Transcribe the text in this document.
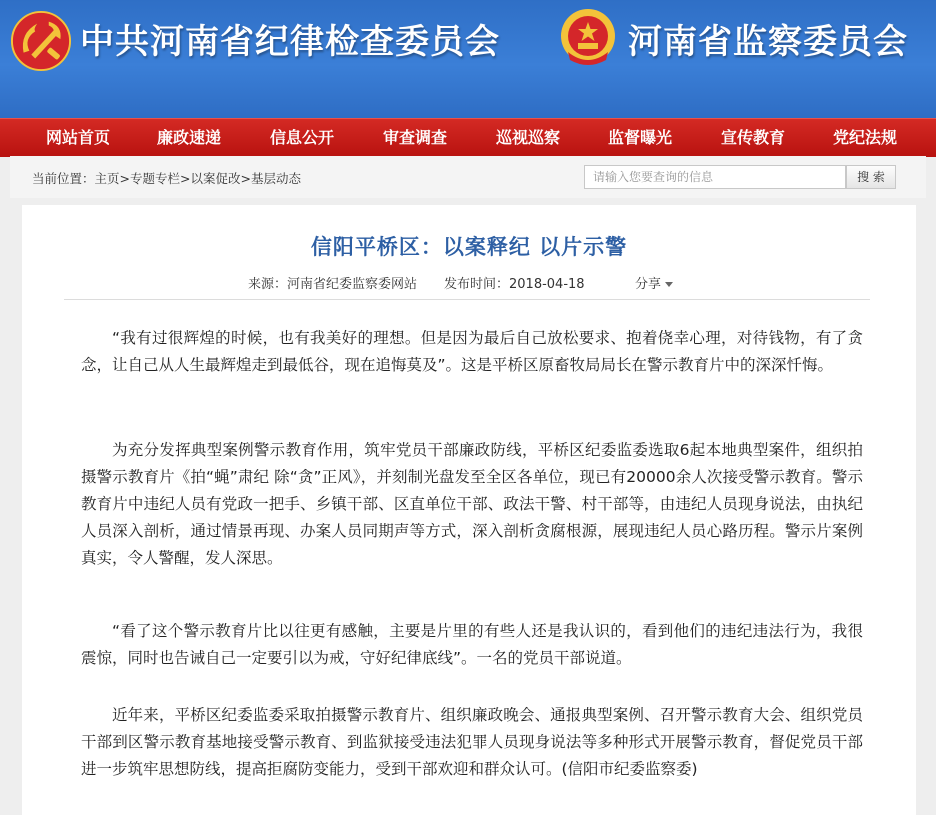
中共河南省纪律检查委员会	河南省监察委员会
网站首页	廉政速递	信息公开	审查调查	巡视巡察	监督曝光	宣传教育	党纪法规
当前位置：主页>专题专栏>以案促改>基层动态
请输入您要查询的信息	搜 索
信阳平桥区：以案释纪 以片示警
来源：河南省纪委监察委网站 发布时间：2018-04-18	分享

“我有过很辉煌的时候，也有我美好的理想。但是因为最后自己放松要求、抱着侥幸心理，对待钱物，有了贪念，让自己从人生最辉煌走到最低谷，现在追悔莫及”。这是平桥区原畜牧局局长在警示教育片中的深深忏悔。

为充分发挥典型案例警示教育作用，筑牢党员干部廉政防线，平桥区纪委监委选取6起本地典型案件，组织拍摄警示教育片《拍“蝇”肃纪 除“贪”正风》，并刻制光盘发至全区各单位，现已有20000余人次接受警示教育。警示教育片中违纪人员有党政一把手、乡镇干部、区直单位干部、政法干警、村干部等，由违纪人员现身说法，由执纪人员深入剖析，通过情景再现、办案人员同期声等方式，深入剖析贪腐根源，展现违纪人员心路历程。警示片案例真实，令人警醒，发人深思。

“看了这个警示教育片比以往更有感触，主要是片里的有些人还是我认识的，看到他们的违纪违法行为，我很震惊，同时也告诫自己一定要引以为戒，守好纪律底线”。一名的党员干部说道。

近年来，平桥区纪委监委采取拍摄警示教育片、组织廉政晚会、通报典型案例、召开警示教育大会、组织党员干部到区警示教育基地接受警示教育、到监狱接受违法犯罪人员现身说法等多种形式开展警示教育，督促党员干部进一步筑牢思想防线，提高拒腐防变能力，受到干部欢迎和群众认可。(信阳市纪委监察委)
